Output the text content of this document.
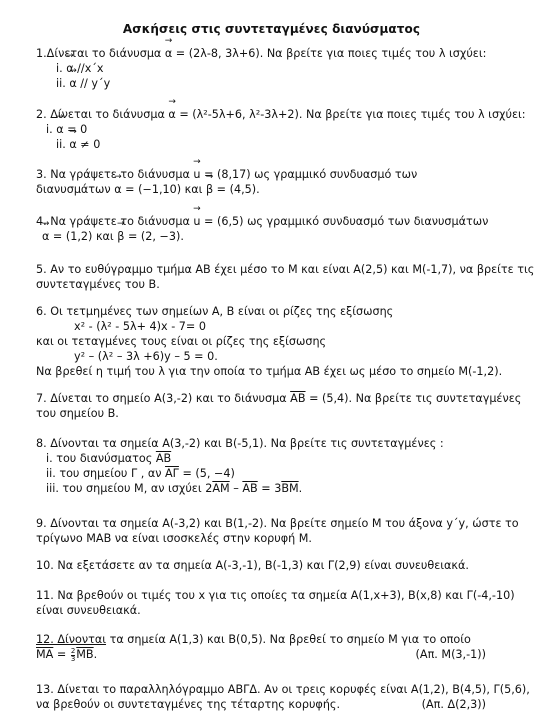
Ασκήσεις στις συντεταγμένες διανύσματος
1.Δίνεται το διάνυσμα → α = (2λ-8, 3λ+6). Να βρείτε για ποιες τιμές του λ ισχύει:
i. → α //x΄x
ii. → α // y΄y
2. Δίνεται το διάνυσμα → α = (λ²-5λ+6, λ²-3λ+2). Να βρείτε για ποιες τιμές του λ ισχύει:
i. → α = 0
ii. → α ≠ 0
3. Να γράψετε το διάνυσμα → u = (8,17) ως γραμμικό συνδυασμό των
διανυσμάτων → α = (−1,10) και → β = (4,5).
4. Να γράψετε το διάνυσμα → u = (6,5) ως γραμμικό συνδυασμό των διανυσμάτων
→ α = (1,2) και → β = (2, −3).
5. Αν το ευθύγραμμο τμήμα ΑΒ έχει μέσο το Μ και είναι Α(2,5) και Μ(-1,7), να βρείτε τις
συντεταγμένες του Β.
6. Οι τετμημένες των σημείων Α, Β είναι οι ρίζες της εξίσωσης
x² - (λ² - 5λ+ 4)x - 7= 0
και οι τεταγμένες τους είναι οι ρίζες της εξίσωσης
y² – (λ² – 3λ +6)y – 5 = 0.
Να βρεθεί η τιμή του λ για την οποία το τμήμα ΑΒ έχει ως μέσο το σημείο Μ(-1,2).
7. Δίνεται το σημείο Α(3,-2) και το διάνυσμα $\overline{AB} = (5,4)$. Να βρείτε τις συντεταγμένες
του σημείου Β.
8. Δίνονται τα σημεία Α(3,-2) και Β(-5,1). Να βρείτε τις συντεταγμένες :
i. του διανύσματος $\overline{AB}$
ii. του σημείου Γ , αν $\overline{A\Gamma} = (5$, −4)
iii. του σημείου Μ, αν ισχύει $2\overline{AM} - \overline{AB} = 3\overline{BM}$.
9. Δίνονται τα σημεία Α(-3,2) και Β(1,-2). Να βρείτε σημείο Μ του άξονα y΄y, ώστε το
τρίγωνο ΜΑΒ να είναι ισοσκελές στην κορυφή Μ.
10. Να εξετάσετε αν τα σημεία Α(-3,-1), Β(-1,3) και Γ(2,9) είναι συνευθειακά.
11. Να βρεθούν οι τιμές του x για τις οποίες τα σημεία Α(1,x+3), Β(x,8) και Γ(-4,-10)
είναι συνευθειακά.
12. Δίνονται τα σημεία Α(1,3) και Β(0,5). Να βρεθεί το σημείο Μ για το οποίο
$\overline{MA} = \frac{2}{3} \overline{MB}$.	(Απ. Μ(3,-1))
13. Δίνεται το παραλληλόγραμμο ΑΒΓΔ. Αν οι τρεις κορυφές είναι Α(1,2), Β(4,5), Γ(5,6),
να βρεθούν οι συντεταγμένες της τέταρτης κορυφής.	(Απ. Δ(2,3))
